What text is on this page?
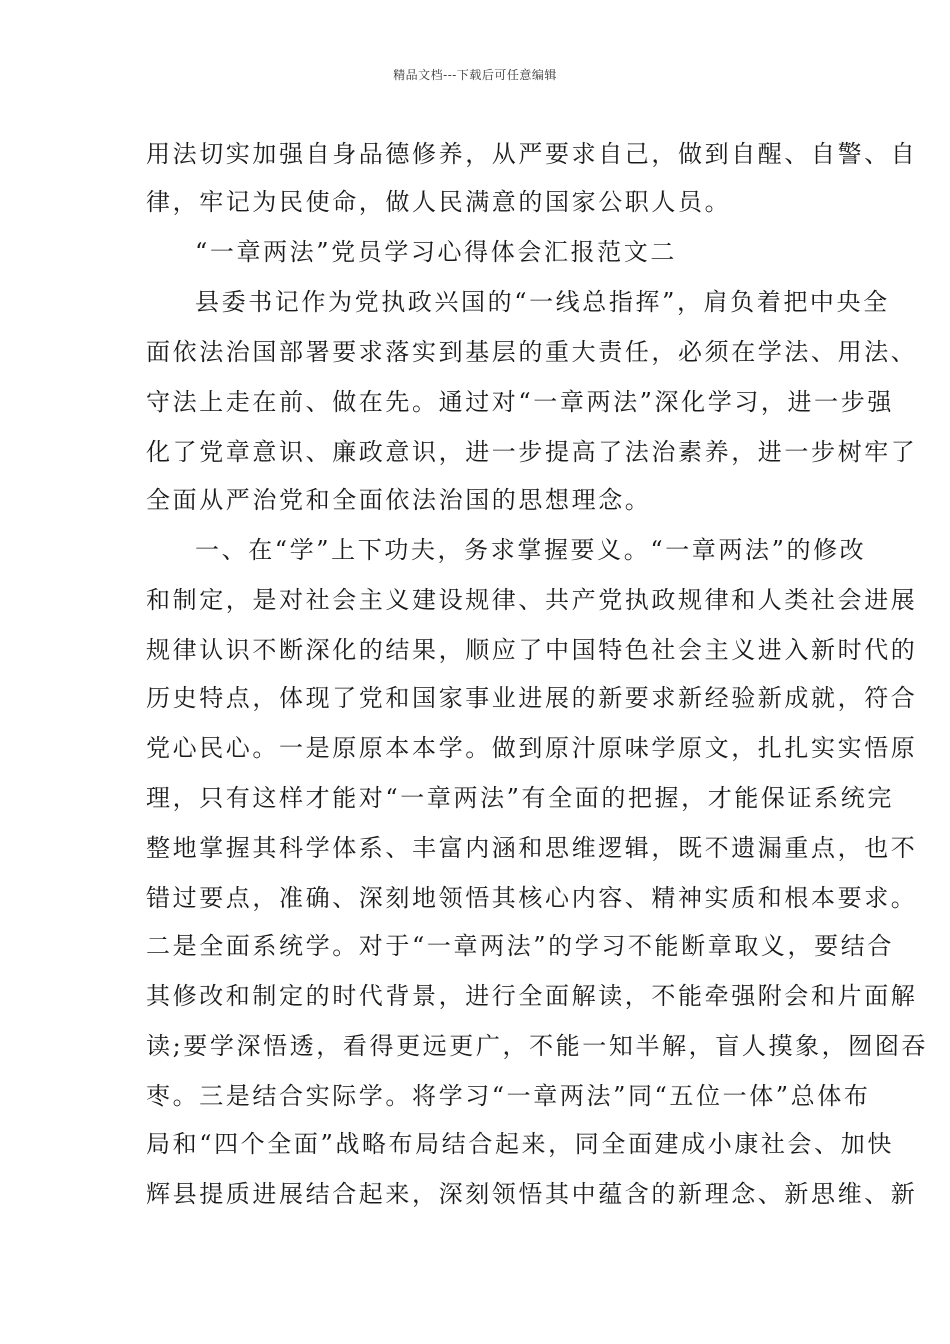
精品文档---下载后可任意编辑
用法切实加强自身品德修养，从严要求自己，做到自醒、自警、自
律，牢记为民使命，做人民满意的国家公职人员。
“一章两法”党员学习心得体会汇报范文二
县委书记作为党执政兴国的“一线总指挥”，肩负着把中央全
面依法治国部署要求落实到基层的重大责任，必须在学法、用法、
守法上走在前、做在先。通过对“一章两法”深化学习，进一步强
化了党章意识、廉政意识，进一步提高了法治素养，进一步树牢了
全面从严治党和全面依法治国的思想理念。
一、在“学”上下功夫，务求掌握要义。“一章两法”的修改
和制定，是对社会主义建设规律、共产党执政规律和人类社会进展
规律认识不断深化的结果，顺应了中国特色社会主义进入新时代的
历史特点，体现了党和国家事业进展的新要求新经验新成就，符合
党心民心。一是原原本本学。做到原汁原味学原文，扎扎实实悟原
理，只有这样才能对“一章两法”有全面的把握，才能保证系统完
整地掌握其科学体系、丰富内涵和思维逻辑，既不遗漏重点，也不
错过要点，准确、深刻地领悟其核心内容、精神实质和根本要求。
二是全面系统学。对于“一章两法”的学习不能断章取义，要结合
其修改和制定的时代背景，进行全面解读，不能牵强附会和片面解
读;要学深悟透，看得更远更广，不能一知半解，盲人摸象，囫囵吞
枣。三是结合实际学。将学习“一章两法”同“五位一体”总体布
局和“四个全面”战略布局结合起来，同全面建成小康社会、加快
辉县提质进展结合起来，深刻领悟其中蕴含的新理念、新思维、新
